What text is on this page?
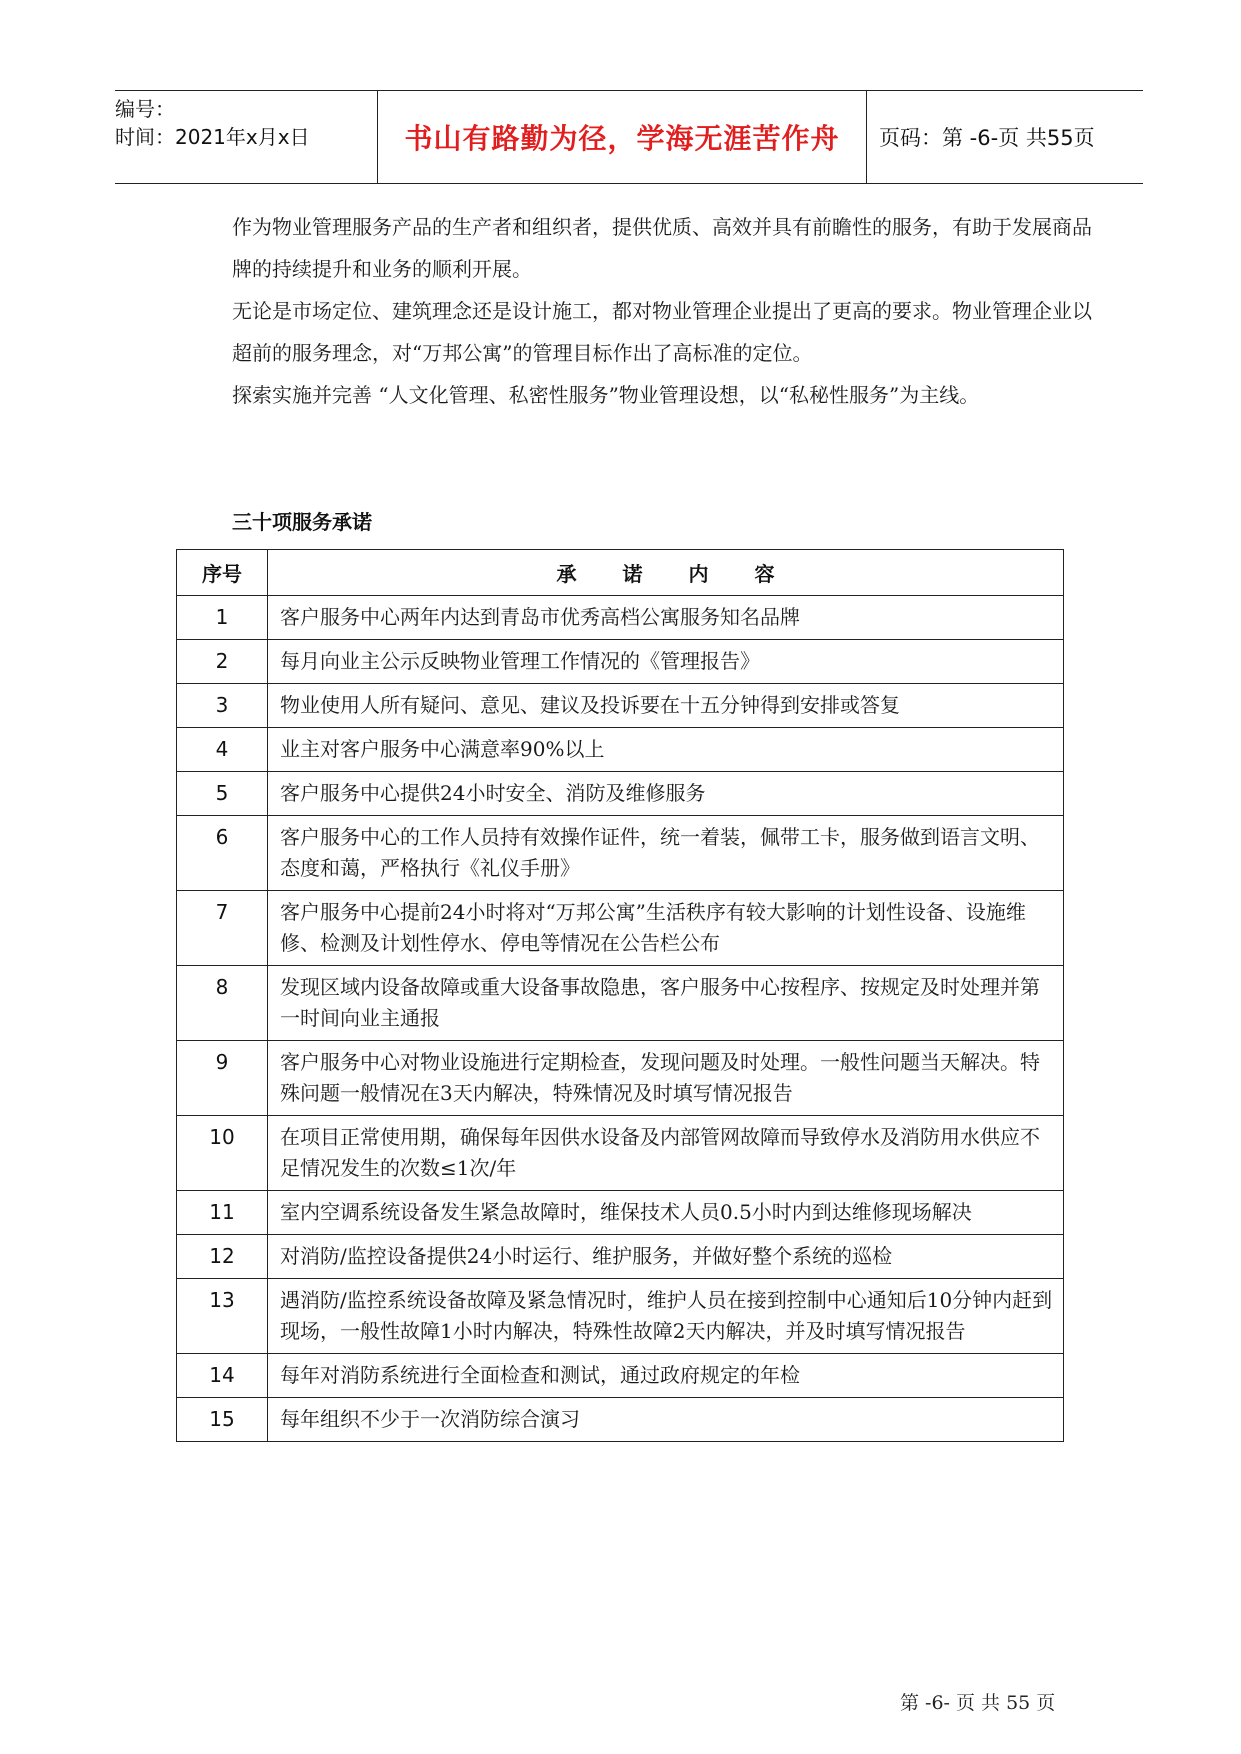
编号：
时间：2021年x月x日	书山有路勤为径，学海无涯苦作舟 页码：第 -6-页 共55页

作为物业管理服务产品的生产者和组织者，提供优质、高效并具有前瞻性的服务，有助于发展商品牌的持续提升和业务的顺利开展。

无论是市场定位、建筑理念还是设计施工，都对物业管理企业提出了更高的要求。物业管理企业以超前的服务理念，对“万邦公寓”的管理目标作出了高标准的定位。

探索实施并完善 “人文化管理、私密性服务”物业管理设想，以“私秘性服务”为主线。

三十项服务承诺
序号	承诺内容
1	客户服务中心两年内达到青岛市优秀高档公寓服务知名品牌
2	每月向业主公示反映物业管理工作情况的《管理报告》
3	物业使用人所有疑问、意见、建议及投诉要在十五分钟得到安排或答复
4	业主对客户服务中心满意率90%以上
5	客户服务中心提供24小时安全、消防及维修服务
6	客户服务中心的工作人员持有效操作证件，统一着装，佩带工卡，服务做到语言文明、态度和蔼，严格执行《礼仪手册》
7	客户服务中心提前24小时将对“万邦公寓”生活秩序有较大影响的计划性设备、设施维修、检测及计划性停水、停电等情况在公告栏公布
8	发现区域内设备故障或重大设备事故隐患，客户服务中心按程序、按规定及时处理并第一时间向业主通报
9	客户服务中心对物业设施进行定期检查，发现问题及时处理。一般性问题当天解决。特殊问题一般情况在3天内解决，特殊情况及时填写情况报告
10	在项目正常使用期，确保每年因供水设备及内部管网故障而导致停水及消防用水供应不足情况发生的次数≤1次/年
11	室内空调系统设备发生紧急故障时，维保技术人员0.5小时内到达维修现场解决
12	对消防/监控设备提供24小时运行、维护服务，并做好整个系统的巡检
13	遇消防/监控系统设备故障及紧急情况时，维护人员在接到控制中心通知后10分钟内赶到现场，一般性故障1小时内解决，特殊性故障2天内解决，并及时填写情况报告
14	每年对消防系统进行全面检查和测试，通过政府规定的年检
15	每年组织不少于一次消防综合演习
第 -6- 页 共 55 页
